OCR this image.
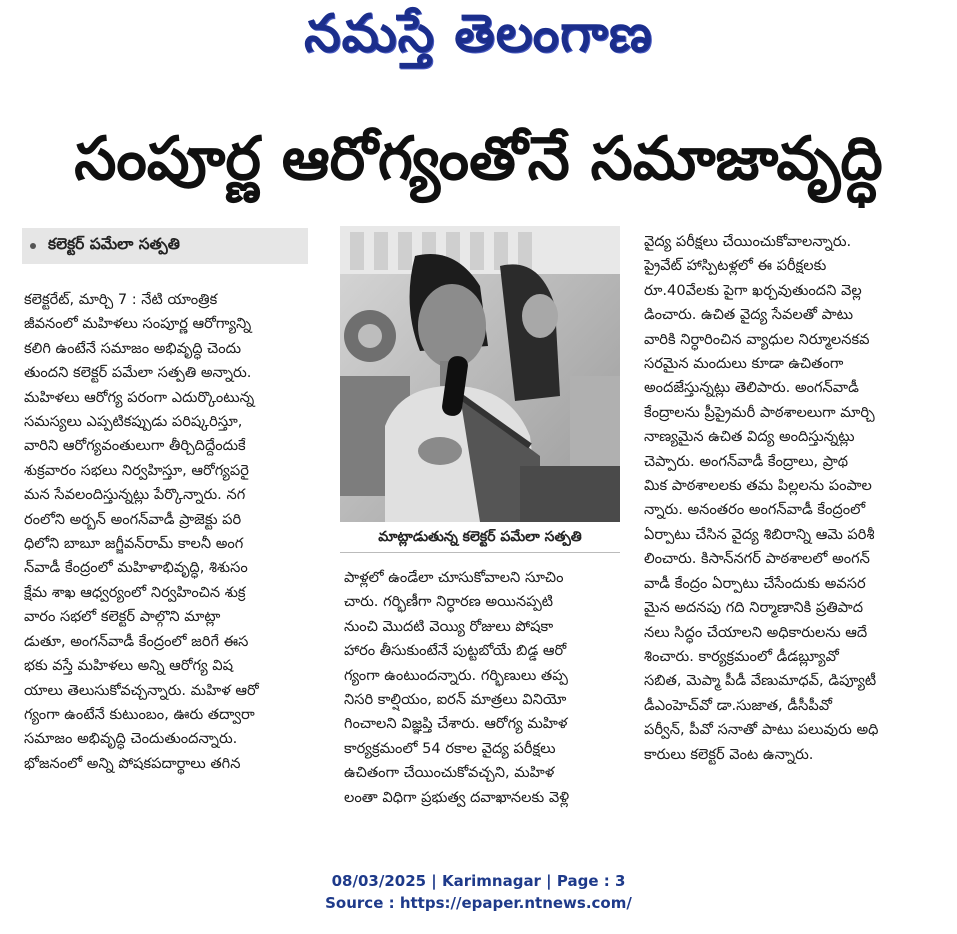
నమస్తే తెలంగాణ
సంపూర్ణ ఆరోగ్యంతోనే సమాజావృద్ధి
కలెక్టర్ పమేలా సత్పతి

కలెక్టరేట్, మార్చి 7 : నేటి యాంత్రిక

జీవనంలో మహిళలు సంపూర్ణ ఆరోగ్యాన్ని

కలిగి ఉంటేనే సమాజం అభివృద్ధి చెందు

తుందని కలెక్టర్ పమేలా సత్పతి అన్నారు.

మహిళలు ఆరోగ్య పరంగా ఎదుర్కొంటున్న

సమస్యలు ఎప్పటికప్పుడు పరిష్కరిస్తూ,

వారిని ఆరోగ్యవంతులుగా తీర్చిదిద్దేందుకే

శుక్రవారం సభలు నిర్వహిస్తూ, ఆరోగ్యపరై

మన సేవలందిస్తున్నట్లు పేర్కొన్నారు. నగ

రంలోని అర్బన్ అంగన్‌వాడీ ప్రాజెక్టు పరి

ధిలోని బాబూ జగ్జీవన్‌రామ్ కాలనీ అంగ

న్‌వాడీ కేంద్రంలో మహిళాభివృద్ధి, శిశుసం

క్షేమ శాఖ ఆధ్వర్యంలో నిర్వహించిన శుక్ర

వారం సభలో కలెక్టర్ పాల్గొని మాట్లా

డుతూ, అంగన్‌వాడీ కేంద్రంలో జరిగే ఈస

భకు వస్తే మహిళలు అన్ని ఆరోగ్య విష

యాలు తెలుసుకోవచ్చన్నారు. మహిళ ఆరో

గ్యంగా ఉంటేనే కుటుంబం, ఊరు తద్వారా

సమాజం అభివృద్ధి చెందుతుందన్నారు.

భోజనంలో అన్ని పోషకపదార్థాలు తగిన

మాట్లాడుతున్న కలెక్టర్ పమేలా సత్పతి

పాళ్లలో ఉండేలా చూసుకోవాలని సూచిం

చారు. గర్భిణీగా నిర్ధారణ అయినప్పటి

నుంచి మొదటి వెయ్యి రోజులు పోషకా

హారం తీసుకుంటేనే పుట్టబోయే బిడ్డ ఆరో

గ్యంగా ఉంటుందన్నారు. గర్భిణులు తప్ప

నిసరి కాల్షియం, ఐరన్ మాత్రలు వినియో

గించాలని విజ్ఞప్తి చేశారు. ఆరోగ్య మహిళ

కార్యక్రమంలో 54 రకాల వైద్య పరీక్షలు

ఉచితంగా చేయించుకోవచ్చని, మహిళ

లంతా విధిగా ప్రభుత్వ దవాఖానలకు వెళ్లి

వైద్య పరీక్షలు చేయించుకోవాలన్నారు.

ప్రైవేట్ హాస్పిటళ్లలో ఈ పరీక్షలకు

రూ.40వేలకు పైగా ఖర్చవుతుందని వెల్ల

డించారు. ఉచిత వైద్య సేవలతో పాటు

వారికి నిర్ధారించిన వ్యాధుల నిర్మూలనకవ

సరమైన మందులు కూడా ఉచితంగా

అందజేస్తున్నట్లు తెలిపారు. అంగన్‌వాడీ

కేంద్రాలను ప్రీప్రైమరీ పాఠశాలలుగా మార్చి

నాణ్యమైన ఉచిత విద్య అందిస్తున్నట్లు

చెప్పారు. అంగన్‌వాడీ కేంద్రాలు, ప్రాథ

మిక పాఠశాలలకు తమ పిల్లలను పంపాల

న్నారు. అనంతరం అంగన్‌వాడీ కేంద్రంలో

ఏర్పాటు చేసిన వైద్య శిబిరాన్ని ఆమె పరిశీ

లించారు. కిసాన్‌నగర్ పాఠశాలలో అంగన్

వాడీ కేంద్రం ఏర్పాటు చేసేందుకు అవసర

మైన అదనపు గది నిర్మాణానికి ప్రతిపాద

నలు సిద్ధం చేయాలని అధికారులను ఆదే

శించారు. కార్యక్రమంలో డీడబ్ల్యూవో

సబిత, మెప్మా పీడీ వేణుమాధవ్, డిప్యూటీ

డీఎంహెచ్‌వో డా.సుజాత, డీసీపీవో

పర్వీన్, పీవో సనాతో పాటు పలువురు అధి

కారులు కలెక్టర్ వెంట ఉన్నారు.

08/03/2025 | Karimnagar | Page : 3
Source : https://epaper.ntnews.com/
